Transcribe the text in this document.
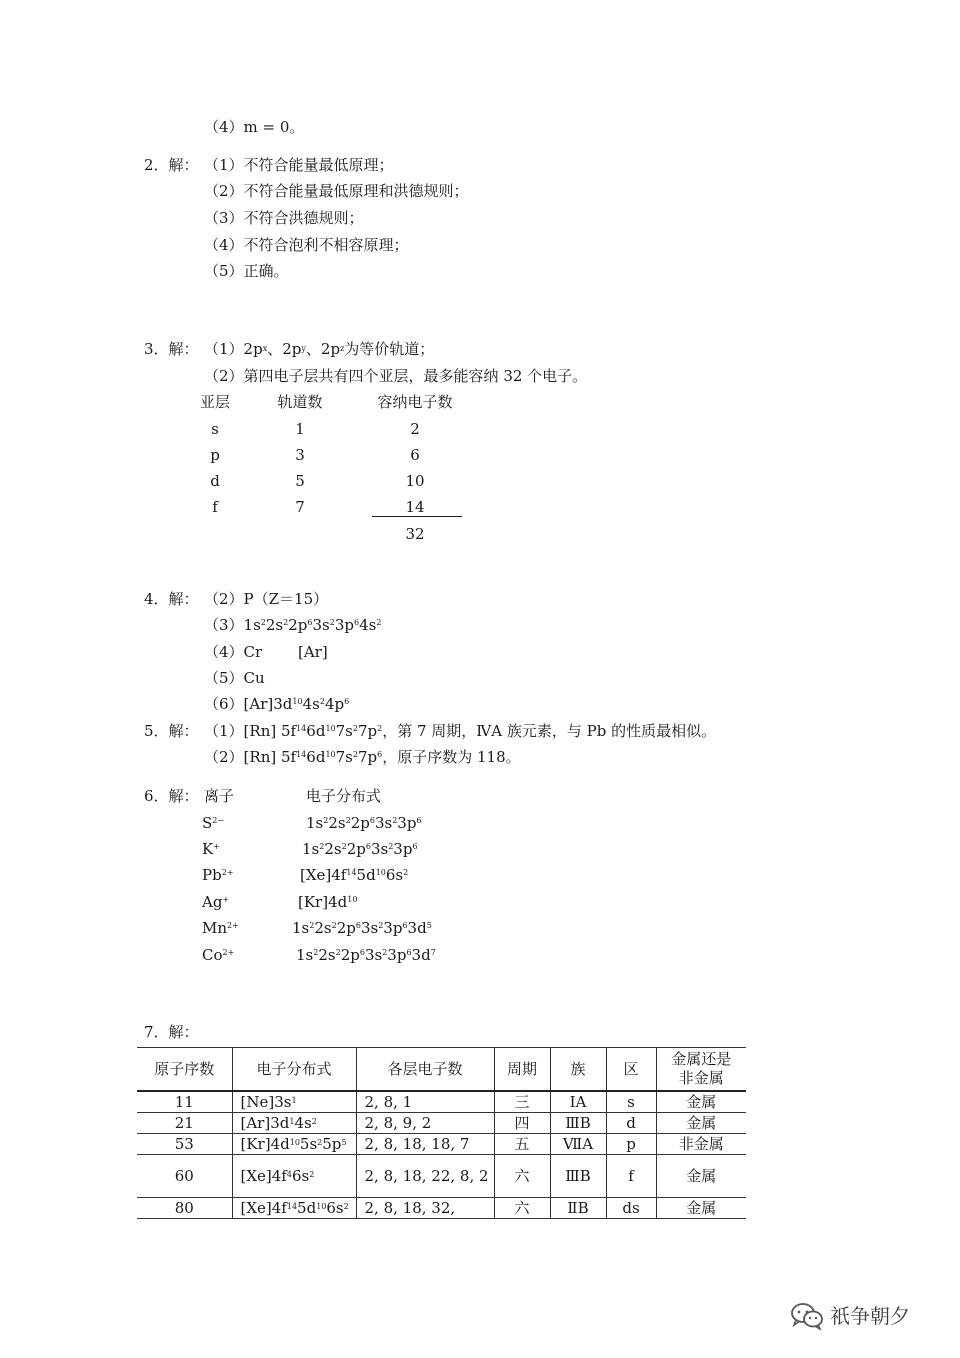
（4）m = 0。
2．解： （1）不符合能量最低原理；
（2）不符合能量最低原理和洪德规则；
（3）不符合洪德规则；
（4）不符合泡利不相容原理；
（5）正确。
3．解： （1）2px、2py、2pz为等价轨道；
（2）第四电子层共有四个亚层，最多能容纳 32 个电子。
亚层	轨道数	容纳电子数
s	1	2
p	3	6
d	5	10
f	7	14
32
4．解： （2）P（Z＝15）
$(3)1s^22s^22p^63s^23p^64s^2$
（4）Cr [Ar]
（5）Cu
$(6)[Ar]3d^{10}4s^24p^6$
5．解： （1）[Rn] $5f^{14}6d^{10}7s^27p^2$，第 7 周期，ⅣA 族元素，与 Pb 的性质最相似。
（2）[Rn] $5f^{14}6d^{10}7s^27p^6$，原子序数为 118。
6．解： 离子	电子分布式
$S^{2-}$	$1s^22s^22p^63s^23p^6$
K+	$1s^22s^22p^63s^23p^6$
$Pb^{2+}$	$[Xe]4f^{14}5d^{10}6s^2$
Ag+	$[Kr]4d^{10}$
$Mn^{2+}$	$1s^22s^22p^63s^23p^63d^5$
$Co^{2+}$	$1s^22s^22p^63s^23p^63d^7$
7．解：
原子序数	电子分布式	各层电子数	周期	族	区	金属还是
非金属
11	$[Ne]3s^1$	2, 8, 1	三	ⅠA	s	金属
21	$[Ar]3d^14s^2$	2, 8, 9, 2	四	ⅢB	d	金属
53	$[Kr]4d^{10}5s^25p^5$	2, 8, 18, 18, 7	五	ⅦA	p	非金属
60	$[Xe]4f^46s^2$	2, 8, 18, 22, 8, 2	六	ⅢB	f	金属
80	$[Xe]4f^{14}5d^{10}6s^2$	2, 8, 18, 32,	六	ⅡB	ds	金属
祇争朝夕
